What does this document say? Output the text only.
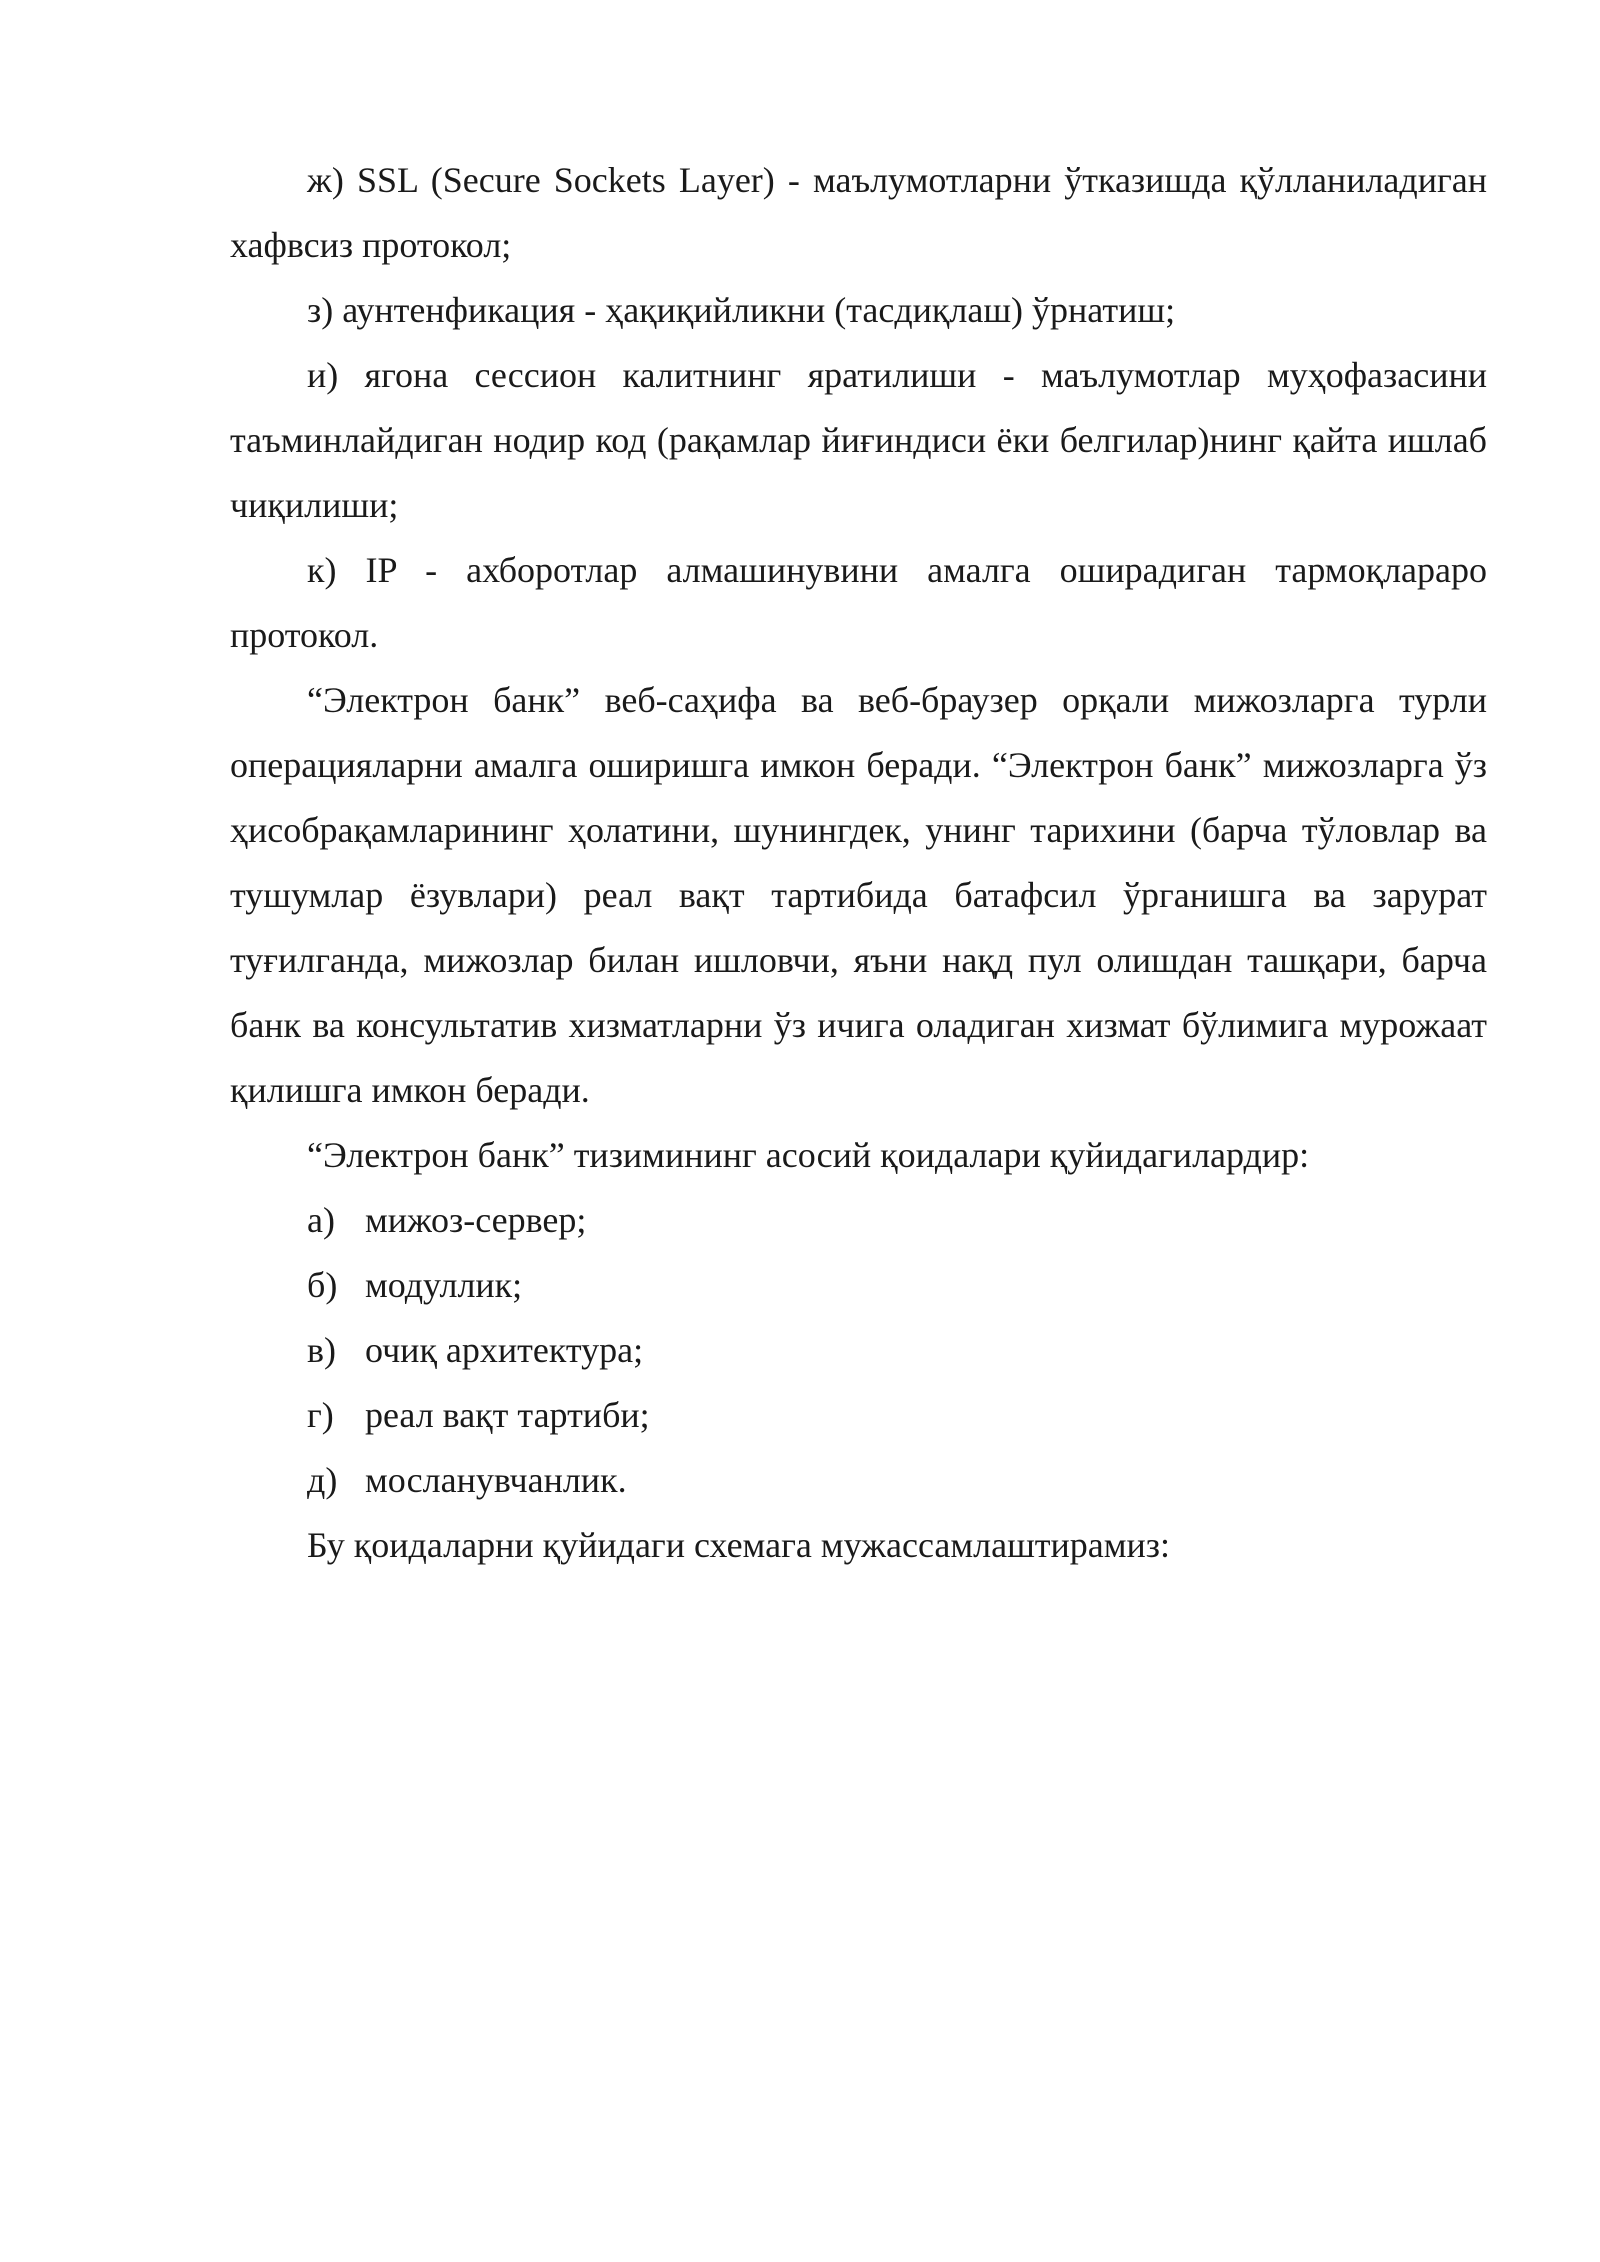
ж) SSL (Secure Sockets Layer) - маълумотларни ўтказишда қўлланиладиган хафвсиз протокол;

з) аунтенфикация - ҳақиқийликни (тасдиқлаш) ўрнатиш;

и) ягона сессион калитнинг яратилиши - маълумотлар муҳофазасини таъминлайдиган нодир код (рақамлар йиғиндиси ёки белгилар)нинг қайта ишлаб чиқилиши;

к) IP - ахборотлар алмашинувини амалга оширадиган тармоқлараро протокол.

“Электрон банк” веб-саҳифа ва веб-браузер орқали мижозларга турли операцияларни амалга оширишга имкон беради. “Электрон банк” мижозларга ўз ҳисобрақамларининг ҳолатини, шунингдек, унинг тарихини (барча тўловлар ва тушумлар ёзувлари) реал вақт тартибида батафсил ўрганишга ва зарурат туғилганда, мижозлар билан ишловчи, яъни нақд пул олишдан ташқари, барча банк ва консультатив хизматларни ўз ичига оладиган хизмат бўлимига мурожаат қилишга имкон беради.

“Электрон банк” тизимининг асосий қоидалари қуйидагилардир:

а) мижоз-сервер;

б) модуллик;

в) очиқ архитектура;

г) реал вақт тартиби;

д) мосланувчанлик.

Бу қоидаларни қуйидаги схемага мужассамлаштирамиз:
